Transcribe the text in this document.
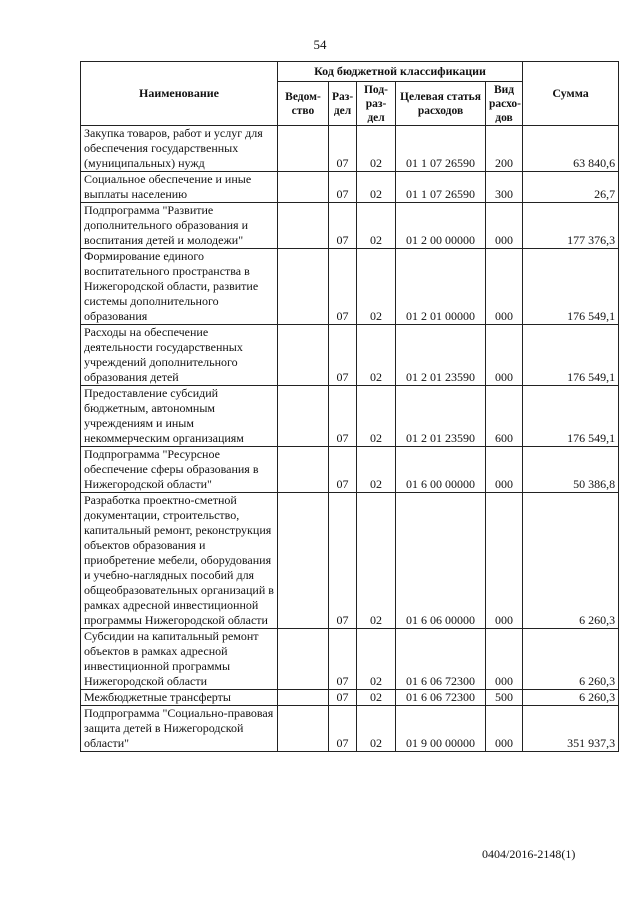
54
Наименование	Код бюджетной классификации					Сумма
	Ведом-ство	Раз-дел	Под-раз-дел	Целевая статья расходов	Вид расхо-дов	
Закупка товаров, работ и услуг для обеспечения государственных (муниципальных) нужд		07	02	01 1 07 26590	200	63 840,6
Социальное обеспечение и иные выплаты населению		07	02	01 1 07 26590	300	26,7
Подпрограмма "Развитие дополнительного образования и воспитания детей и молодежи"		07	02	01 2 00 00000	000	177 376,3
Формирование единого воспитательного пространства в Нижегородской области, развитие системы дополнительного образования		07	02	01 2 01 00000	000	176 549,1
Расходы на обеспечение деятельности государственных учреждений дополнительного образования детей		07	02	01 2 01 23590	000	176 549,1
Предоставление субсидий бюджетным, автономным учреждениям и иным некоммерческим организациям		07	02	01 2 01 23590	600	176 549,1
Подпрограмма "Ресурсное обеспечение сферы образования в Нижегородской области"		07	02	01 6 00 00000	000	50 386,8
Разработка проектно-сметной документации, строительство, капитальный ремонт, реконструкция объектов образования и приобретение мебели, оборудования и учебно-наглядных пособий для общеобразовательных организаций в рамках адресной инвестиционной программы Нижегородской области		07	02	01 6 06 00000	000	6 260,3
Субсидии на капитальный ремонт объектов в рамках адресной инвестиционной программы Нижегородской области		07	02	01 6 06 72300	000	6 260,3
Межбюджетные трансферты		07	02	01 6 06 72300	500	6 260,3
Подпрограмма "Социально-правовая защита детей в Нижегородской области"		07	02	01 9 00 00000	000	351 937,3
0404/2016-2148(1)
